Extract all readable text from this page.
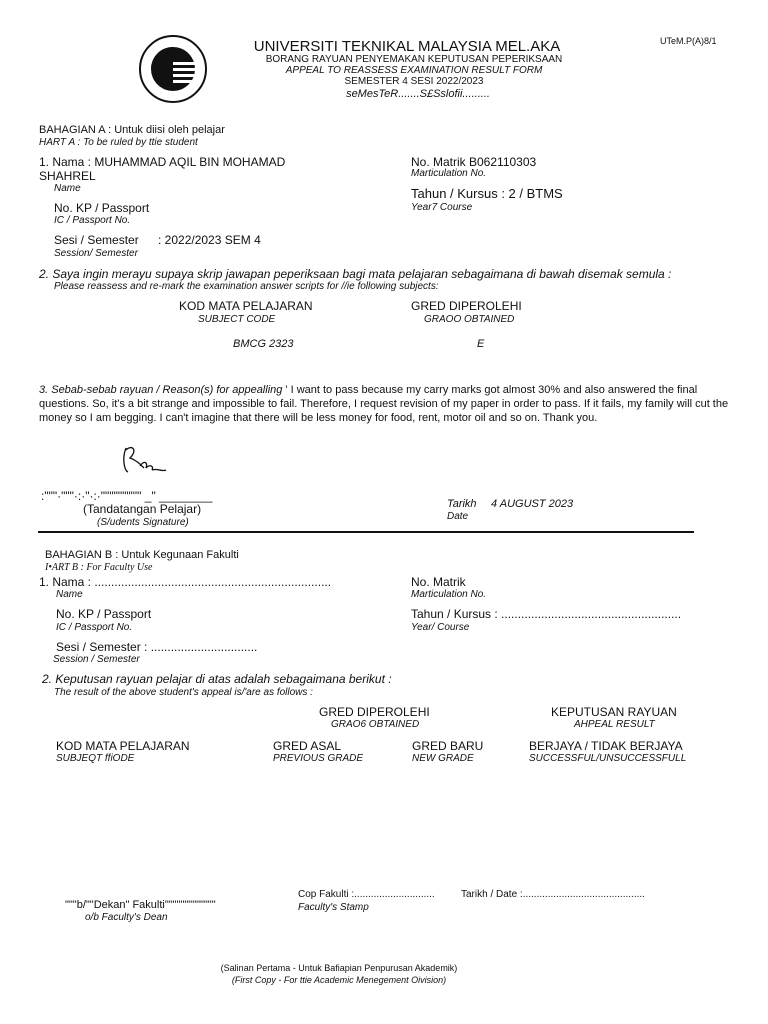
UTeM.P(A)8/1
UNIVERSITI TEKNIKAL MALAYSIA MEL.AKA
BORANG RAYUAN PENYEMAKAN KEPUTUSAN PEPERIKSAAN
APPEAL TO REASSESS EXAMINATION RESULT FORM
SEMESTER 4 SESI 2022/2023
seMesTeR.......S£Sslofii.........
BAHAGIAN A : Untuk diisi oleh pelajar
HART A : To be ruled by ttie student
1. Nama : MUHAMMAD AQIL BIN MOHAMAD
SHAHREL
Name
No. Matrik B062110303
Marticulation No.
Tahun / Kursus : 2 / BTMS
Year7 Course
No. KP / Passport
IC / Passport No.
Sesi / Semester : 2022/2023 SEM 4
Session/ Semester
2. Saya ingin merayu supaya skrip jawapan peperiksaan bagi mata pelajaran sebagaimana di bawah disemak semula :
Please reassess and re-mark the examination answer scripts for //ie following subjects:
KOD MATA PELAJARAN
SUBJECT CODE
GRED DIPEROLEHI
GRAOO OBTAINED
BMCG 2323	E
3. Sebab-sebab rayuan / Reason(s) for appealling ' I want to pass because my carry marks got almost 30% and also answered the final questions. So, it's a bit strange and impossible to fail. Therefore, I request revision of my paper in order to pass. If it fails, my family will cut the money so I am begging. I can't imagine that there will be less money for food, rent, motor oil and so on. Thank you.
:"""·"""·:·"·:·""""""""'" _" ________
(Tandatangan Pelajar)
(S/udents Signature)
Tarikh 4 AUGUST 2023
Date
BAHAGIAN B : Untuk Kegunaan Fakulti
I•ART B : For Faculty Use
1. Nama : .......................................................................
Name
No. Matrik
Marticulation No.
No. KP / Passport
IC / Passport No.
Tahun / Kursus : ......................................................
Year/ Course
Sesi / Semester : ................................
Session / Semester
2. Keputusan rayuan pelajar di atas adalah sebagaimana berikut :
The result of the above student's appeal is/'are as follows :
GRED DIPEROLEHI
GRAO6 OBTAINED
KEPUTUSAN RAYUAN
AHPEAL RESULT
KOD MATA PELAJARAN
SUBJEQT ffiODE
GRED ASAL
PREVIOUS GRADE
GRED BARU
NEW GRADE
BERJAYA / TIDAK BERJAYA
SUCCESSFUL/UNSUCCESSFULL
"""b/""Dekan" Fakulti"""""""""""""
o/b Faculty's Dean
Cop Fakulti :.............................
Faculty's Stamp
Tarikh / Date :............................................
(Salinan Pertama - Untuk Bafiapian Penpurusan Akademik)
(First Copy - For ttie Academic Menegement Oivision)
